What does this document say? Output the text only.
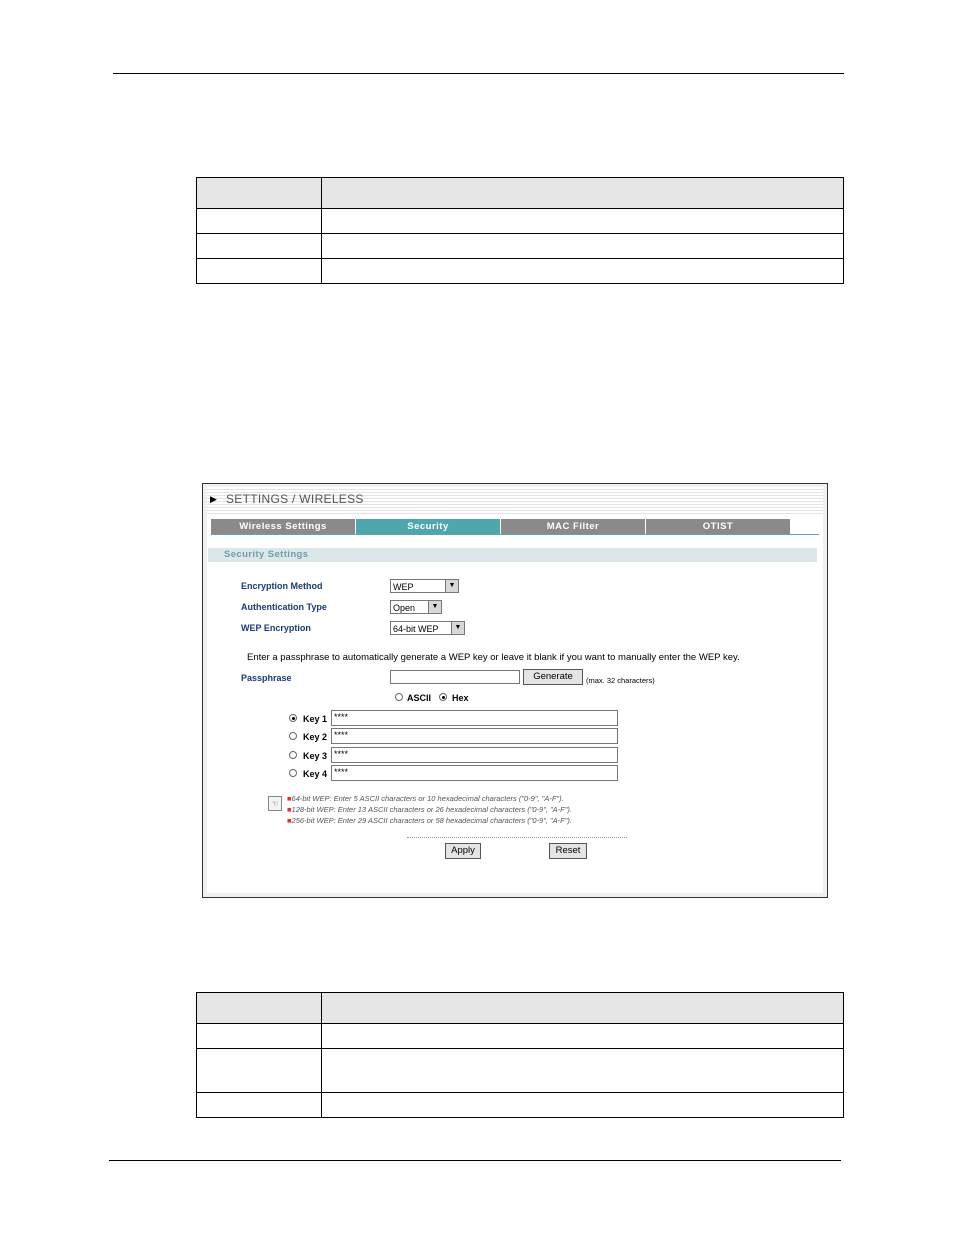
▶ SETTINGS / WIRELESS
Wireless Settings	Security	MAC Filter	OTIST
Security Settings
Encryption Method	WEP	▼
Authentication Type	Open	▼
WEP Encryption	64-bit WEP	▼
Enter a passphrase to automatically generate a WEP key or leave it blank if you want to manually enter the WEP key.
Passphrase	Generate	(max. 32 characters)
ASCII Hex
Key 1 ****
Key 2 ****
Key 3 ****
Key 4 ****
☜
■64-bit WEP: Enter 5 ASCII characters or 10 hexadecimal characters ("0-9", "A-F").
■128-bit WEP: Enter 13 ASCII characters or 26 hexadecimal characters ("0-9", "A-F").
■256-bit WEP: Enter 29 ASCII characters or 58 hexadecimal characters ("0-9", "A-F").
Apply	Reset
